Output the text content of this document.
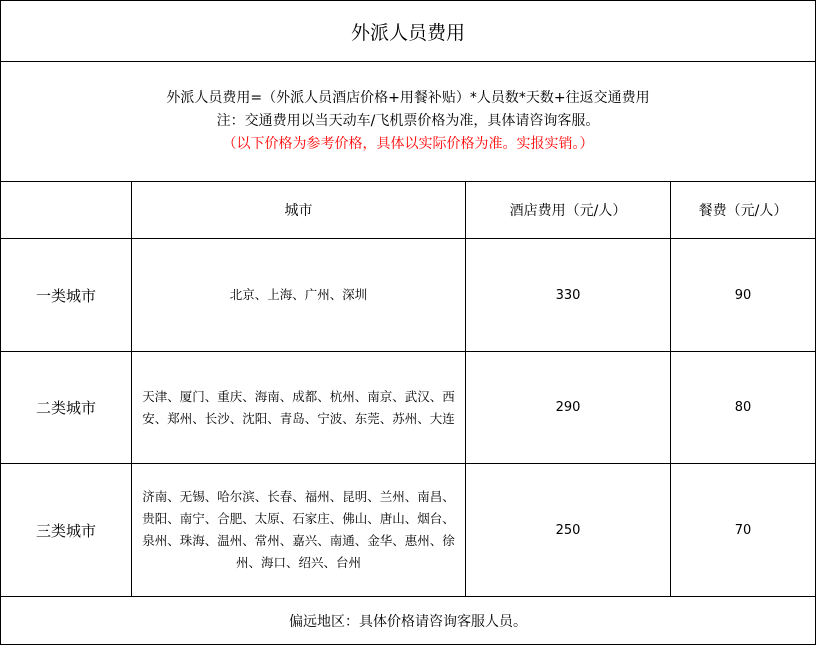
外派人员费用			

外派人员费用=（外派人员酒店价格+用餐补贴）*人员数*天数+往返交通费用
注：交通费用以当天动车/飞机票价格为准，具体请咨询客服。
（以下价格为参考价格，具体以实际价格为准。实报实销。）			

	城市	酒店费用（元/人）	餐费（元/人）
一类城市	北京、上海、广州、深圳	330	90
二类城市	天津、厦门、重庆、海南、成都、杭州、南京、武汉、西安、郑州、长沙、沈阳、青岛、宁波、东莞、苏州、大连	290	80
三类城市	济南、无锡、哈尔滨、长春、福州、昆明、兰州、南昌、贵阳、南宁、合肥、太原、石家庄、佛山、唐山、烟台、泉州、珠海、温州、常州、嘉兴、南通、金华、惠州、徐州、海口、绍兴、台州	250	70
偏远地区：具体价格请咨询客服人员。			
